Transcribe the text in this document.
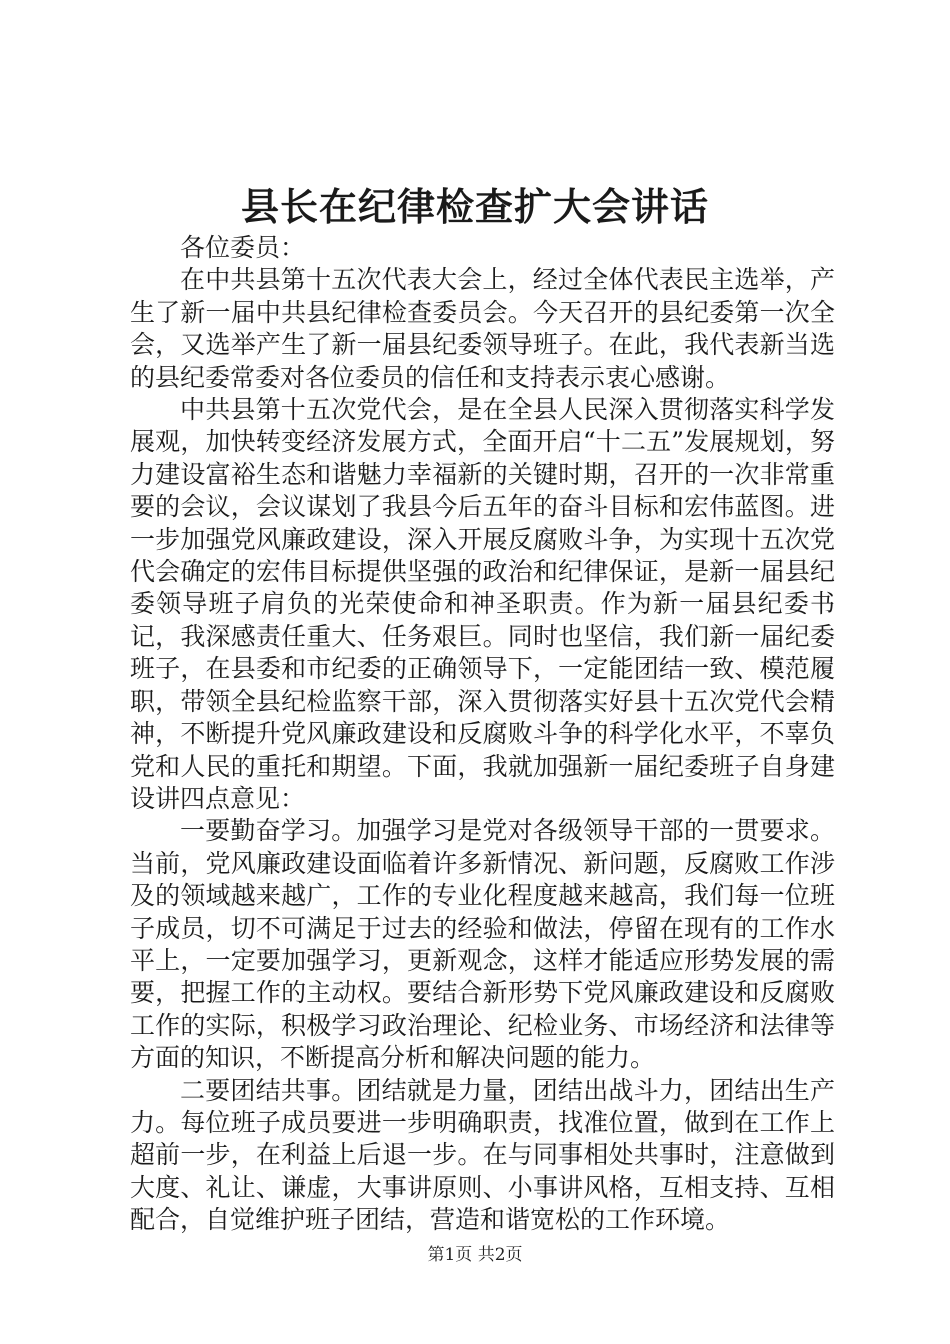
县长在纪律检查扩大会讲话

各位委员：

在中共县第十五次代表大会上，经过全体代表民主选举，产生了新一届中共县纪律检查委员会。今天召开的县纪委第一次全会，又选举产生了新一届县纪委领导班子。在此，我代表新当选的县纪委常委对各位委员的信任和支持表示衷心感谢。

中共县第十五次党代会，是在全县人民深入贯彻落实科学发展观，加快转变经济发展方式，全面开启“十二五”发展规划，努力建设富裕生态和谐魅力幸福新的关键时期，召开的一次非常重要的会议，会议谋划了我县今后五年的奋斗目标和宏伟蓝图。进一步加强党风廉政建设，深入开展反腐败斗争，为实现十五次党代会确定的宏伟目标提供坚强的政治和纪律保证，是新一届县纪委领导班子肩负的光荣使命和神圣职责。作为新一届县纪委书记，我深感责任重大、任务艰巨。同时也坚信，我们新一届纪委班子，在县委和市纪委的正确领导下，一定能团结一致、模范履职，带领全县纪检监察干部，深入贯彻落实好县十五次党代会精神，不断提升党风廉政建设和反腐败斗争的科学化水平，不辜负党和人民的重托和期望。下面，我就加强新一届纪委班子自身建设讲四点意见：

一要勤奋学习。加强学习是党对各级领导干部的一贯要求。当前，党风廉政建设面临着许多新情况、新问题，反腐败工作涉及的领域越来越广，工作的专业化程度越来越高，我们每一位班子成员，切不可满足于过去的经验和做法，停留在现有的工作水平上，一定要加强学习，更新观念，这样才能适应形势发展的需要，把握工作的主动权。要结合新形势下党风廉政建设和反腐败工作的实际，积极学习政治理论、纪检业务、市场经济和法律等方面的知识，不断提高分析和解决问题的能力。

二要团结共事。团结就是力量，团结出战斗力，团结出生产力。每位班子成员要进一步明确职责，找准位置，做到在工作上超前一步，在利益上后退一步。在与同事相处共事时，注意做到大度、礼让、谦虚，大事讲原则、小事讲风格，互相支持、互相配合，自觉维护班子团结，营造和谐宽松的工作环境。

第1页 共2页
